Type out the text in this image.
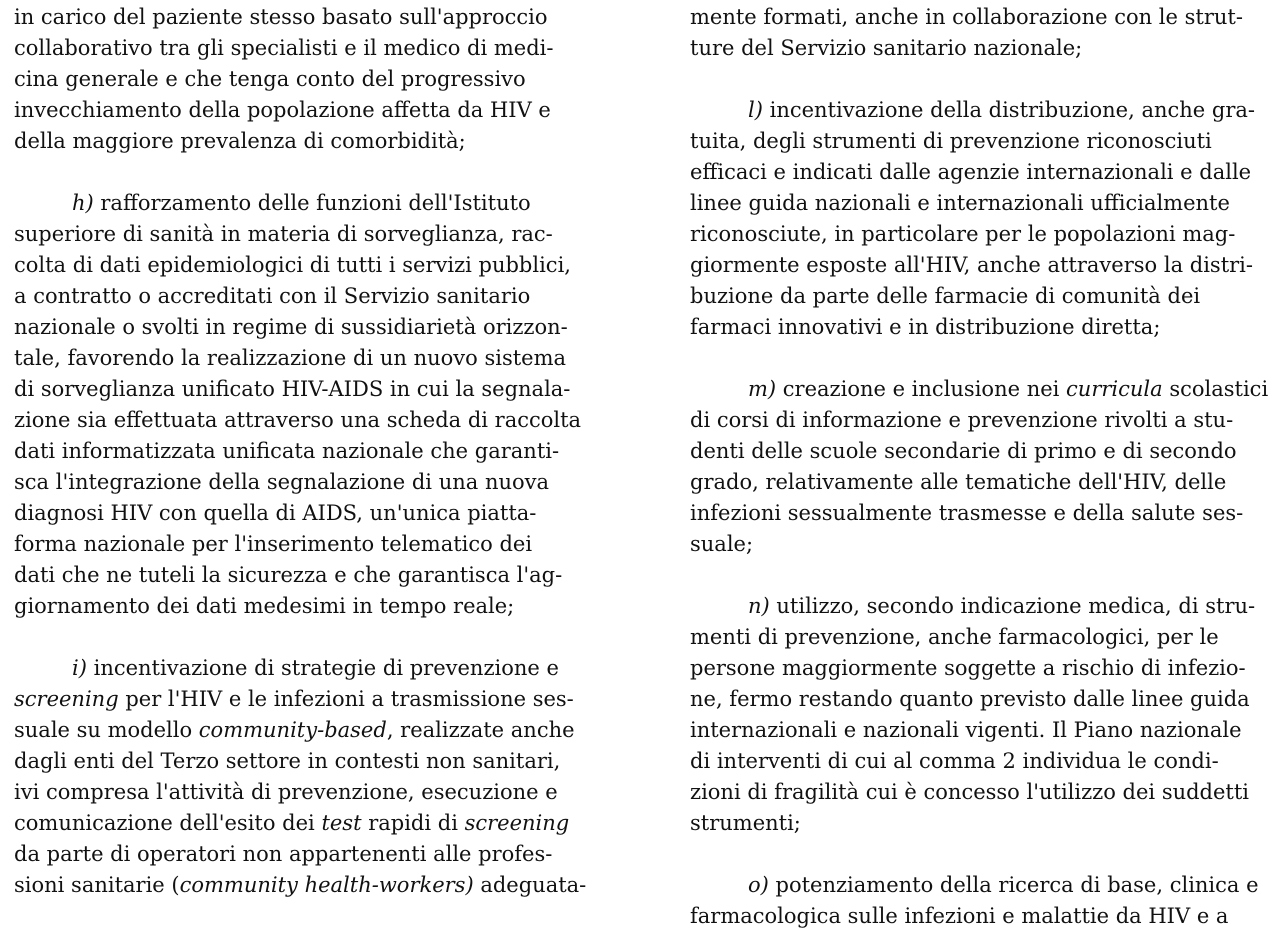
in carico del paziente stesso basato sull'approccio
collaborativo tra gli specialisti e il medico di medi-
cina generale e che tenga conto del progressivo
invecchiamento della popolazione affetta da HIV e
della maggiore prevalenza di comorbidità;
h) rafforzamento delle funzioni dell'Istituto
superiore di sanità in materia di sorveglianza, rac-
colta di dati epidemiologici di tutti i servizi pubblici,
a contratto o accreditati con il Servizio sanitario
nazionale o svolti in regime di sussidiarietà orizzon-
tale, favorendo la realizzazione di un nuovo sistema
di sorveglianza unificato HIV-AIDS in cui la segnala-
zione sia effettuata attraverso una scheda di raccolta
dati informatizzata unificata nazionale che garanti-
sca l'integrazione della segnalazione di una nuova
diagnosi HIV con quella di AIDS, un'unica piatta-
forma nazionale per l'inserimento telematico dei
dati che ne tuteli la sicurezza e che garantisca l'ag-
giornamento dei dati medesimi in tempo reale;
i) incentivazione di strategie di prevenzione e
screening per l'HIV e le infezioni a trasmissione ses-
suale su modello community-based, realizzate anche
dagli enti del Terzo settore in contesti non sanitari,
ivi compresa l'attività di prevenzione, esecuzione e
comunicazione dell'esito dei test rapidi di screening
da parte di operatori non appartenenti alle profes-
sioni sanitarie (community health-workers) adeguata-
mente formati, anche in collaborazione con le strut-
ture del Servizio sanitario nazionale;
l) incentivazione della distribuzione, anche gra-
tuita, degli strumenti di prevenzione riconosciuti
efficaci e indicati dalle agenzie internazionali e dalle
linee guida nazionali e internazionali ufficialmente
riconosciute, in particolare per le popolazioni mag-
giormente esposte all'HIV, anche attraverso la distri-
buzione da parte delle farmacie di comunità dei
farmaci innovativi e in distribuzione diretta;
m) creazione e inclusione nei curricula scolastici
di corsi di informazione e prevenzione rivolti a stu-
denti delle scuole secondarie di primo e di secondo
grado, relativamente alle tematiche dell'HIV, delle
infezioni sessualmente trasmesse e della salute ses-
suale;
n) utilizzo, secondo indicazione medica, di stru-
menti di prevenzione, anche farmacologici, per le
persone maggiormente soggette a rischio di infezio-
ne, fermo restando quanto previsto dalle linee guida
internazionali e nazionali vigenti. Il Piano nazionale
di interventi di cui al comma 2 individua le condi-
zioni di fragilità cui è concesso l'utilizzo dei suddetti
strumenti;
o) potenziamento della ricerca di base, clinica e
farmacologica sulle infezioni e malattie da HIV e a
